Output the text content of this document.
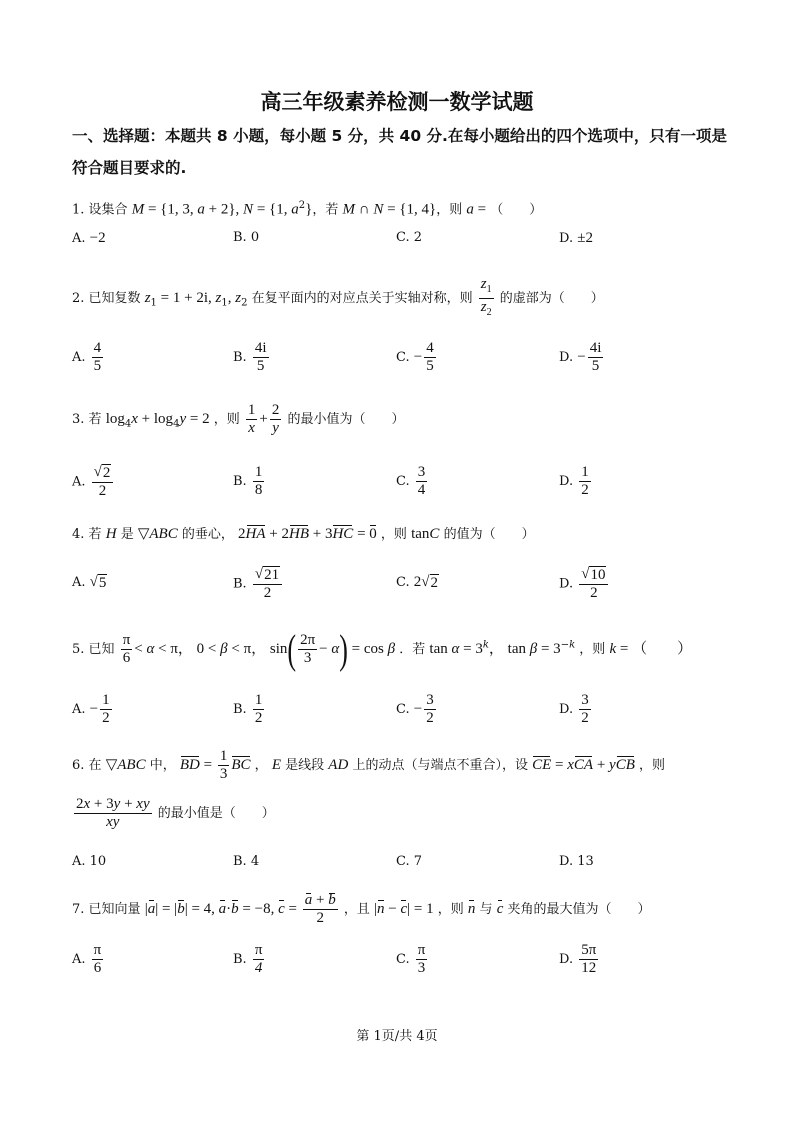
高三年级素养检测一数学试题
一、选择题：本题共 8 小题，每小题 5 分，共 40 分.在每小题给出的四个选项中，只有一项是
符合题目要求的.
1. 设集合 M = {1, 3, a + 2}, N = {1, $a^2$}，若 M ∩ N = {1, 4}，则 a = （　　）
A. −2	B. 0	C. 2	D. ±2
2. 已知复数 $z_1 = 1 + 2i$, $z_1$, $z_2$ 在复平面内的对应点关于实轴对称，则 $\frac{z_1}{z_2}$ 的虚部为（　　）
A. $\frac{4}{5}$	B. $\frac{4i}{5}$	C. − $\frac{4}{5}$	D. − $\frac{4i}{5}$
3. 若 $\log_4x + \log_4y = 2$ ，则 $\frac{1}{x} + \frac{2}{y}$ 的最小值为（　　）
A. $\frac{√ 2}{2}$	B. $\frac{1}{8}$	C. $\frac{3}{4}$	D. $\frac{1}{2}$
4. 若 H 是 ▽ABC 的垂心， 2HA + 2HB + 3HC = 0 ，则 tanC 的值为（　　）
A. √ 5	B. $\frac{√ 21}{2}$	C. 2 √ 2	D. $\frac{√ 10}{2}$
5. 已知 $\frac{\pi}{6} < \alpha < \pi$， 0 < β < π， $\sin( \frac{2\pi}{3} - \alpha) = \cos \beta$ ．若 $\tan \alpha = 3^k$， $\tan \beta = 3^{-k}$ ，则 k = （　　）
A. − $\frac{1}{2}$	B. $\frac{1}{2}$	C. − $\frac{3}{2}$	D. $\frac{3}{2}$
6. 在 ▽ABC 中， BD = $\frac{1}{3}$ BC ， E 是线段 AD 上的动点（与端点不重合），设 CE = xCA + yCB ，则
$\frac{2x + 3y + xy}{xy}$ 的最小值是（　　）
A. 10	B. 4	C. 7	D. 13
7. 已知向量 |a| = |b| = 4, a·b = −8, $c = \frac{a + b}{2}$ ，且 |n − c| = 1 ，则 n 与 c 夹角的最大值为（　　）
A. $\frac{\pi}{6}$	B. $\frac{\pi}{4}$	C. $\frac{\pi}{3}$	D. $\frac{5\pi}{12}$
第 1页/共 4页
